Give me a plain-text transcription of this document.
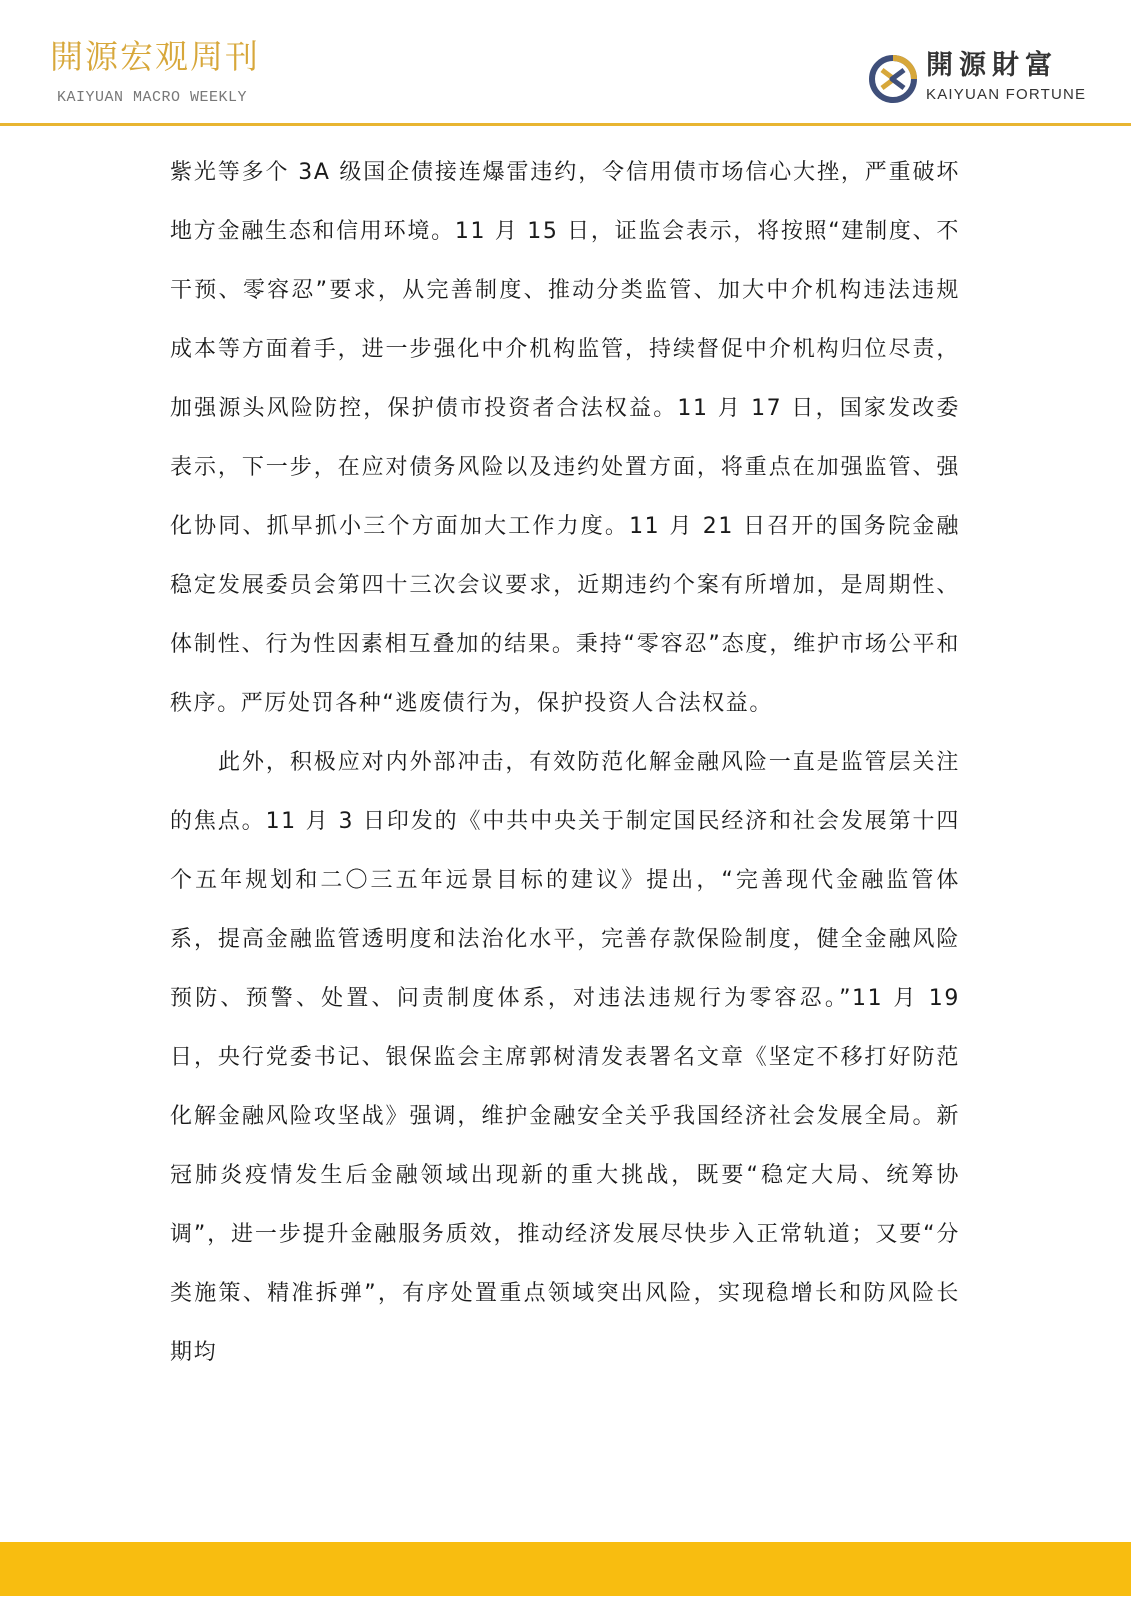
開源宏观周刊
KAIYUAN MACRO WEEKLY
開源財富
KAIYUAN FORTUNE

紫光等多个 3A 级国企债接连爆雷违约，令信用债市场信心大挫，严重破坏地方金融生态和信用环境。11 月 15 日，证监会表示，将按照“建制度、不干预、零容忍”要求，从完善制度、推动分类监管、加大中介机构违法违规成本等方面着手，进一步强化中介机构监管，持续督促中介机构归位尽责，加强源头风险防控，保护债市投资者合法权益。11 月 17 日，国家发改委表示，下一步，在应对债务风险以及违约处置方面，将重点在加强监管、强化协同、抓早抓小三个方面加大工作力度。11 月 21 日召开的国务院金融稳定发展委员会第四十三次会议要求，近期违约个案有所增加，是周期性、体制性、行为性因素相互叠加的结果。秉持“零容忍”态度，维护市场公平和秩序。严厉处罚各种“逃废债行为，保护投资人合法权益。

此外，积极应对内外部冲击，有效防范化解金融风险一直是监管层关注的焦点。11 月 3 日印发的《中共中央关于制定国民经济和社会发展第十四个五年规划和二〇三五年远景目标的建议》提出，“完善现代金融监管体系，提高金融监管透明度和法治化水平，完善存款保险制度，健全金融风险预防、预警、处置、问责制度体系，对违法违规行为零容忍。”11 月 19 日，央行党委书记、银保监会主席郭树清发表署名文章《坚定不移打好防范化解金融风险攻坚战》强调，维护金融安全关乎我国经济社会发展全局。新冠肺炎疫情发生后金融领域出现新的重大挑战，既要“稳定大局、统筹协调”，进一步提升金融服务质效，推动经济发展尽快步入正常轨道；又要“分类施策、精准拆弹”，有序处置重点领域突出风险，实现稳增长和防风险长期均
